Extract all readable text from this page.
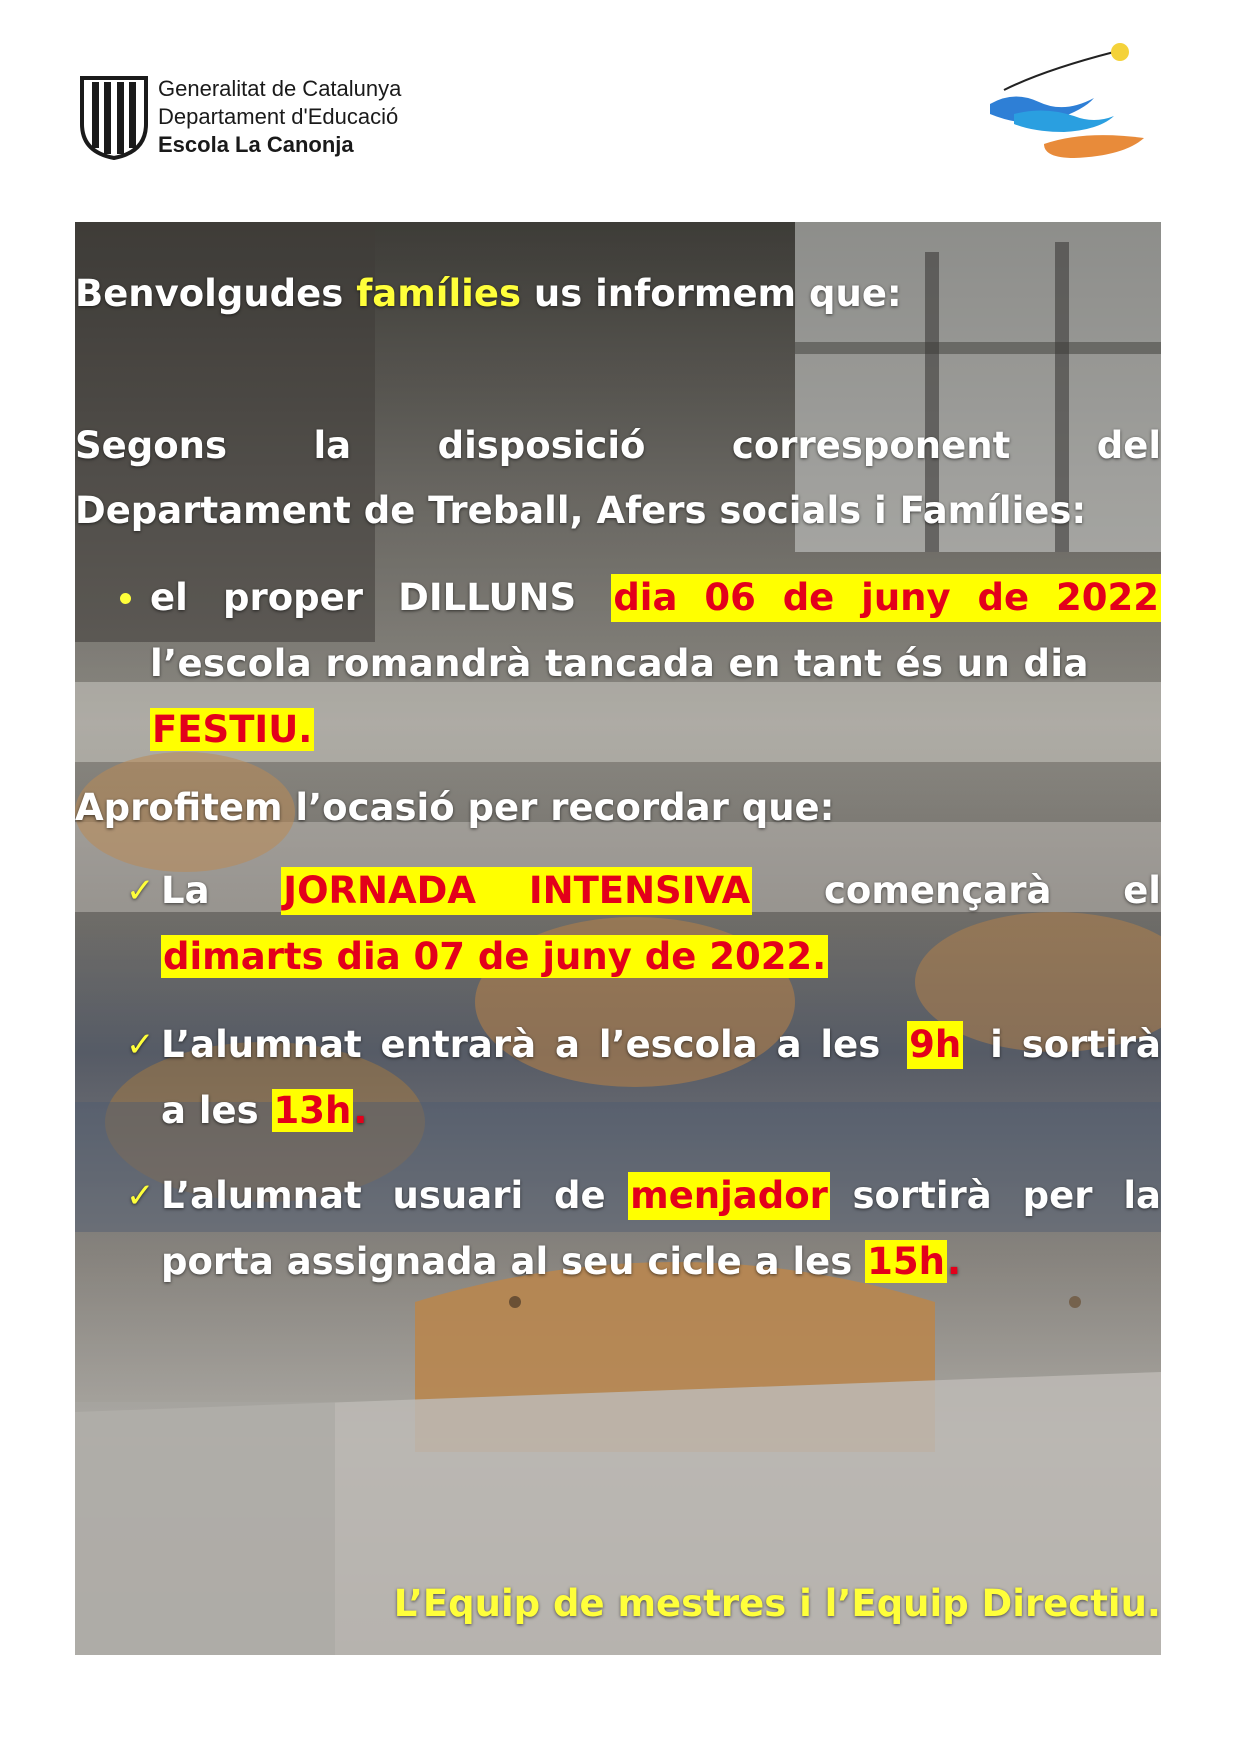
Generalitat de Catalunya
Departament d'Educació
Escola La Canonja
Benvolgudes famílies us informem que:
Segons la disposició corresponent del
Departament de Treball, Afers socials i Famílies:
el proper DILLUNS dia 06 de juny de 2022
l’escola romandrà tancada en tant és un dia
FESTIU.
Aprofitem l’ocasió per recordar que:
✓ La JORNADA INTENSIVA començarà el
dimarts dia 07 de juny de 2022.
✓ L’alumnat entrarà a l’escola a les 9h i sortirà
a les 13h.
✓ L’alumnat usuari de menjador sortirà per la
porta assignada al seu cicle a les 15h.
L’Equip de mestres i l’Equip Directiu.
